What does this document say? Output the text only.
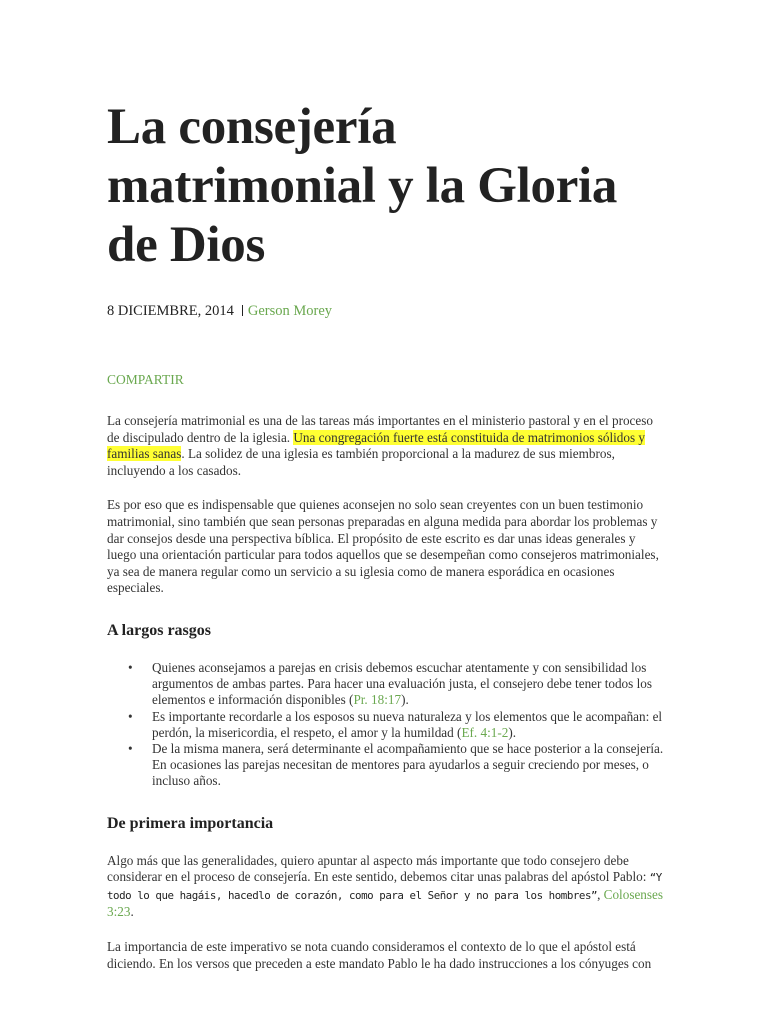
La consejería matrimonial y la Gloria de Dios
8 DICIEMBRE, 2014 Gerson Morey
COMPARTIR

La consejería matrimonial es una de las tareas más importantes en el ministerio pastoral y en el proceso de discipulado dentro de la iglesia. Una congregación fuerte está constituida de matrimonios sólidos y familias sanas. La solidez de una iglesia es también proporcional a la madurez de sus miembros, incluyendo a los casados.

Es por eso que es indispensable que quienes aconsejen no solo sean creyentes con un buen testimonio matrimonial, sino también que sean personas preparadas en alguna medida para abordar los problemas y dar consejos desde una perspectiva bíblica. El propósito de este escrito es dar unas ideas generales y luego una orientación particular para todos aquellos que se desempeñan como consejeros matrimoniales, ya sea de manera regular como un servicio a su iglesia como de manera esporádica en ocasiones especiales.

A largos rasgos
• Quienes aconsejamos a parejas en crisis debemos escuchar atentamente y con sensibilidad los argumentos de ambas partes. Para hacer una evaluación justa, el consejero debe tener todos los elementos e información disponibles (Pr. 18:17).
• Es importante recordarle a los esposos su nueva naturaleza y los elementos que le acompañan: el perdón, la misericordia, el respeto, el amor y la humildad (Ef. 4:1-2).
• De la misma manera, será determinante el acompañamiento que se hace posterior a la consejería. En ocasiones las parejas necesitan de mentores para ayudarlos a seguir creciendo por meses, o incluso años.
De primera importancia

Algo más que las generalidades, quiero apuntar al aspecto más importante que todo consejero debe considerar en el proceso de consejería. En este sentido, debemos citar unas palabras del apóstol Pablo: “Y todo lo que hagáis, hacedlo de corazón, como para el Señor y no para los hombres”, Colosenses 3:23.

La importancia de este imperativo se nota cuando consideramos el contexto de lo que el apóstol está diciendo. En los versos que preceden a este mandato Pablo le ha dado instrucciones a los cónyuges con
